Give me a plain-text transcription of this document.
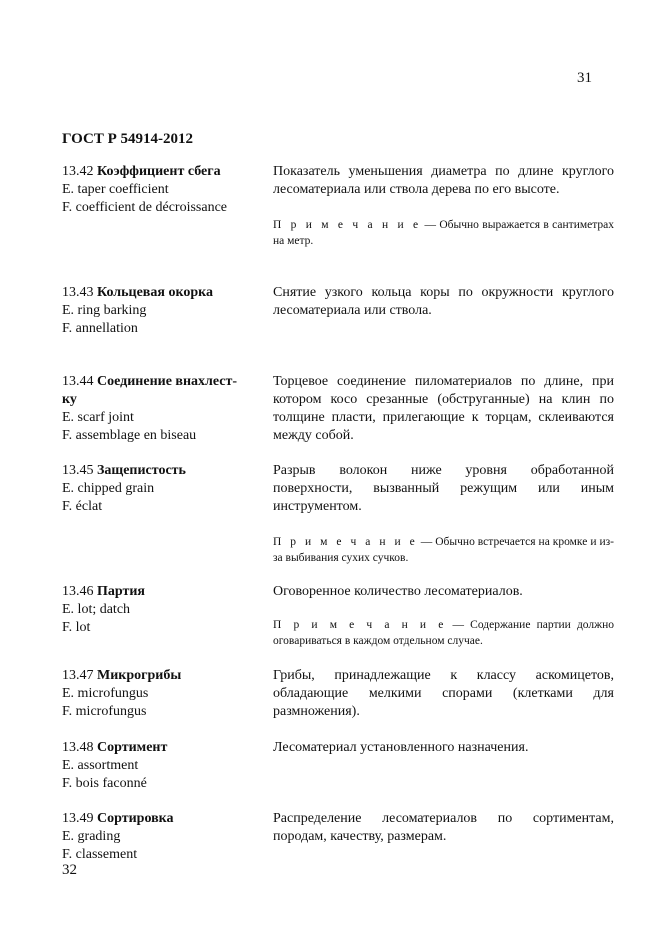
31
ГОСТ Р 54914-2012
13.42 Коэффициент сбега
E. taper coefficient
F. coefficient de décroissance

Показатель уменьшения диаметра по длине круглого лесоматериала или ствола дерева по его высоте.

П р и м е ч а н и е — Обычно выражается в сантиметрах на метр.

13.43 Кольцевая окорка
E. ring barking
F. annellation

Снятие узкого кольца коры по окружности круглого лесоматериала или ствола.

13.44 Соединение внахлест-
ку
E. scarf joint
F. assemblage en biseau

Торцевое соединение пиломатериалов по длине, при котором косо срезанные (обструганные) на клин по толщине пласти, прилегающие к торцам, склеиваются между собой.

13.45 Защепистость
E. chipped grain
F. éclat

Разрыв волокон ниже уровня обработанной поверхности, вызванный режущим или иным инструментом.

П р и м е ч а н и е — Обычно встречается на кромке и из-за выбивания сухих сучков.

13.46 Партия
E. lot; datch
F. lot

Оговоренное количество лесоматериалов.

П р и м е ч а н и е — Содержание партии должно оговариваться в каждом отдельном случае.

13.47 Микрогрибы
E. microfungus
F. microfungus

Грибы, принадлежащие к классу аскомицетов, обладающие мелкими спорами (клетками для размножения).

13.48 Сортимент
E. assortment
F. bois faconné

Лесоматериал установленного назначения.

13.49 Сортировка
E. grading
F. classement

Распределение лесоматериалов по сортиментам, породам, качеству, размерам.

32
